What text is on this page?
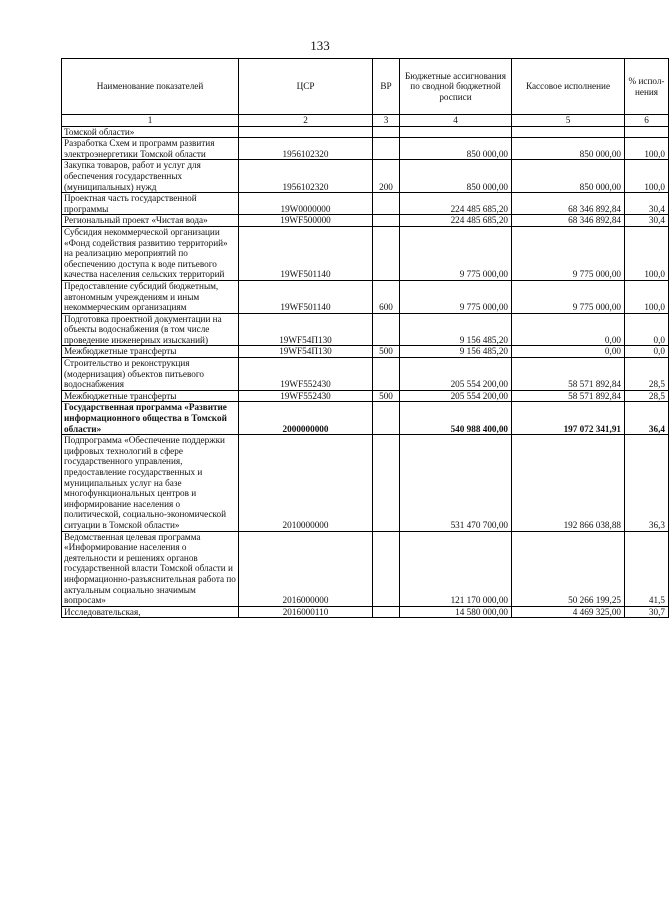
133
Наименование показателей	ЦСР	ВР	Бюджетные ассигнования по сводной бюджетной росписи	Кассовое исполнение	% испол-нения
1	2	3	4	5	6
Томской области»					
Разработка Схем и программ развития электроэнергетики Томской области	1956102320		850 000,00	850 000,00	100,0
Закупка товаров, работ и услуг для обеспечения государственных (муниципальных) нужд	1956102320	200	850 000,00	850 000,00	100,0
Проектная часть государственной программы	19W0000000		224 485 685,20	68 346 892,84	30,4
Региональный проект «Чистая вода»	19WF500000		224 485 685,20	68 346 892,84	30,4
Субсидия некоммерческой организации «Фонд содействия развитию территорий» на реализацию мероприятий по обеспечению доступа к воде питьевого качества населения сельских территорий	19WF501140		9 775 000,00	9 775 000,00	100,0
Предоставление субсидий бюджетным, автономным учреждениям и иным некоммерческим организациям	19WF501140	600	9 775 000,00	9 775 000,00	100,0
Подготовка проектной документации на объекты водоснабжения (в том числе проведение инженерных изысканий)	19WF54П130		9 156 485,20	0,00	0,0
Межбюджетные трансферты	19WF54П130	500	9 156 485,20	0,00	0,0
Строительство и реконструкция (модернизация) объектов питьевого водоснабжения	19WF552430		205 554 200,00	58 571 892,84	28,5
Межбюджетные трансферты	19WF552430	500	205 554 200,00	58 571 892,84	28,5
Государственная программа «Развитие информационного общества в Томской области»	2000000000		540 988 400,00	197 072 341,91	36,4
Подпрограмма «Обеспечение поддержки цифровых технологий в сфере государственного управления, предоставление государственных и муниципальных услуг на базе многофункциональных центров и информирование населения о политической, социально-экономической ситуации в Томской области»	2010000000		531 470 700,00	192 866 038,88	36,3
Ведомственная целевая программа «Информирование населения о деятельности и решениях органов государственной власти Томской области и информационно-разъяснительная работа по актуальным социально значимым вопросам»	2016000000		121 170 000,00	50 266 199,25	41,5
Исследовательская,	2016000110		14 580 000,00	4 469 325,00	30,7
